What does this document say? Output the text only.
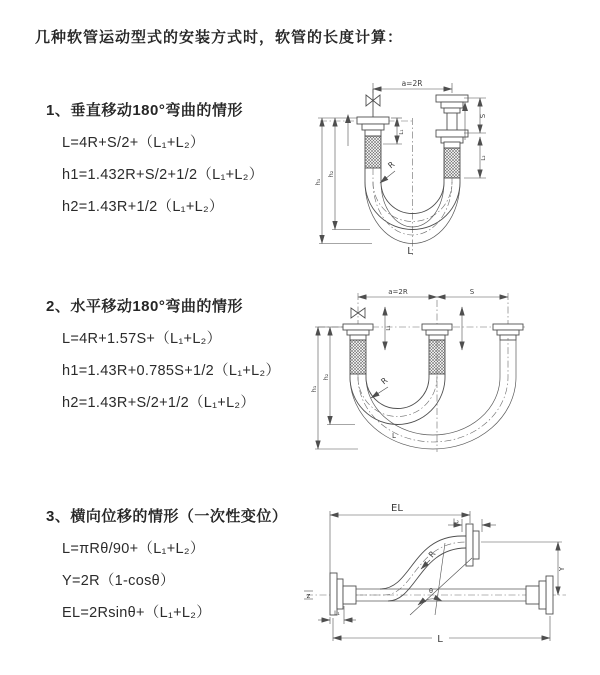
几种软管运动型式的安装方式时，软管的长度计算：
1、垂直移动180°弯曲的情形
L=4R+S/2+（L₁+L₂）
h1=1.432R+S/2+1/2（L₁+L₂）
h2=1.43R+1/2（L₁+L₂）
2、水平移动180°弯曲的情形
L=4R+1.57S+（L₁+L₂）
h1=1.43R+0.785S+1/2（L₁+L₂）
h2=1.43R+S/2+1/2（L₁+L₂）
3、横向位移的情形（一次性变位）
L=πRθ/90+（L₁+L₂）
Y=2R（1-cosθ）
EL=2Rsinθ+（L₁+L₂）
a=2R
L₁
S
L₂
h₂
h₁
R
L
a=2R	S
L₁
h₂
h₁
R
L
z
EL
L₂
θ
R
Y
L₁
L
